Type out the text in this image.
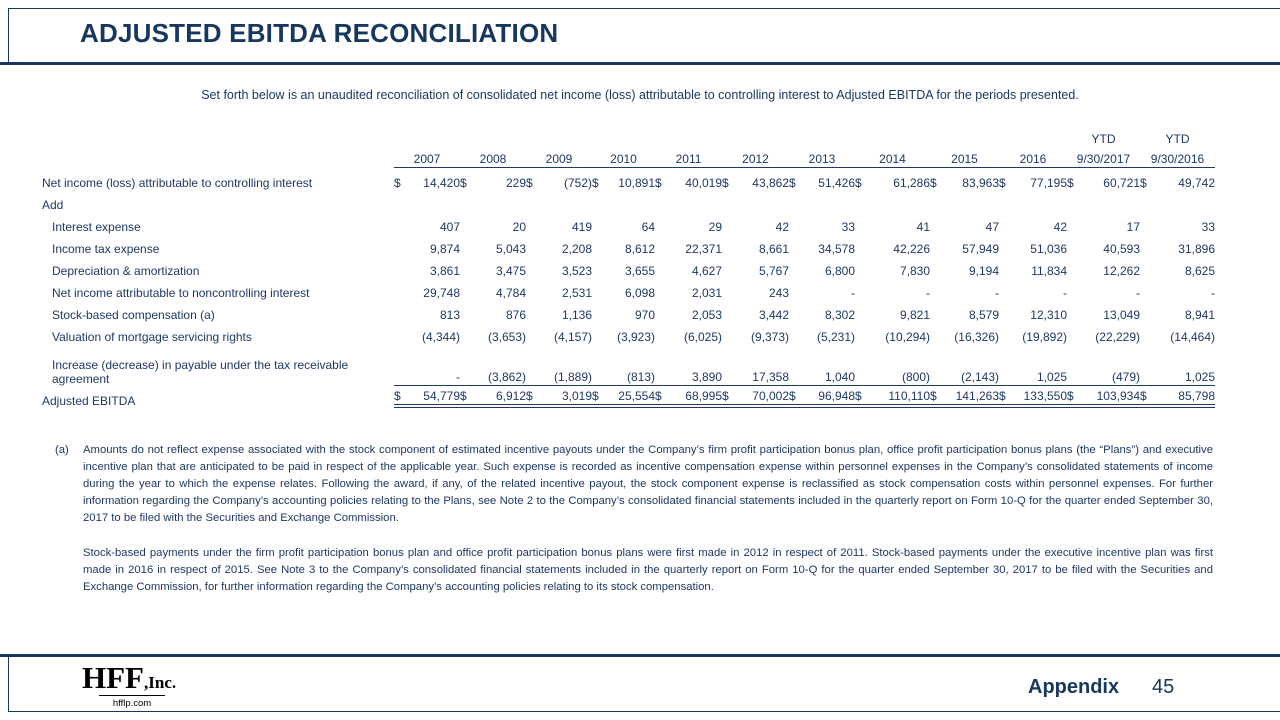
ADJUSTED EBITDA RECONCILIATION

Set forth below is an unaudited reconciliation of consolidated net income (loss) attributable to controlling interest to Adjusted EBITDA for the periods presented.

											YTD	YTD

	2007	2008	2009	2010	2011	2012	2013	2014	2015	2016	9/30/2017	9/30/2016

Net income (loss) attributable to controlling interest	$ 14,420	$ 229	$ (752)	$ 10,891	$ 40,019	$ 43,862	$ 51,426	$ 61,286	$ 83,963	$ 77,195	$ 60,721	$ 49,742

Add												
Interest expense	407	20	419	64	29	42	33	41	47	42	17	33

Income tax expense	9,874	5,043	2,208	8,612	22,371	8,661	34,578	42,226	57,949	51,036	40,593	31,896

Depreciation & amortization	3,861	3,475	3,523	3,655	4,627	5,767	6,800	7,830	9,194	11,834	12,262	8,625

Net income attributable to noncontrolling interest	29,748	4,784	2,531	6,098	2,031	243	-	-	-	-	-	-

Stock-based compensation (a)	813	876	1,136	970	2,053	3,442	8,302	9,821	8,579	12,310	13,049	8,941

Valuation of mortgage servicing rights	(4,344)	(3,653)	(4,157)	(3,923)	(6,025)	(9,373)	(5,231)	(10,294)	(16,326)	(19,892)	(22,229)	(14,464)

Increase (decrease) in payable under the tax receivable
agreement	-	(3,862)	(1,889)	(813)	3,890	17,358	1,040	(800)	(2,143)	1,025	(479)	1,025

Adjusted EBITDA	$ 54,779	$ 6,912	$ 3,019	$ 25,554	$ 68,995	$ 70,002	$ 96,948	$ 110,110	$ 141,263	$ 133,550	$ 103,934	$ 85,798
(a) Amounts do not reflect expense associated with the stock component of estimated incentive payouts under the Company’s firm profit participation bonus plan, office profit participation bonus plans (the “Plans”) and executive incentive plan that are anticipated to be paid in respect of the applicable year. Such expense is recorded as incentive compensation expense within personnel expenses in the Company’s consolidated statements of income during the year to which the expense relates. Following the award, if any, of the related incentive payout, the stock component expense is reclassified as stock compensation costs within personnel expenses. For further information regarding the Company’s accounting policies relating to the Plans, see Note 2 to the Company’s consolidated financial statements included in the quarterly report on Form 10-Q for the quarter ended September 30, 2017 to be filed with the Securities and Exchange Commission.

Stock-based payments under the firm profit participation bonus plan and office profit participation bonus plans were first made in 2012 in respect of 2011. Stock-based payments under the executive incentive plan was first made in 2016 in respect of 2015. See Note 3 to the Company’s consolidated financial statements included in the quarterly report on Form 10-Q for the quarter ended September 30, 2017 to be filed with the Securities and Exchange Commission, for further information regarding the Company’s accounting policies relating to its stock compensation.

HFF,Inc.
hfflp.com
Appendix 45
